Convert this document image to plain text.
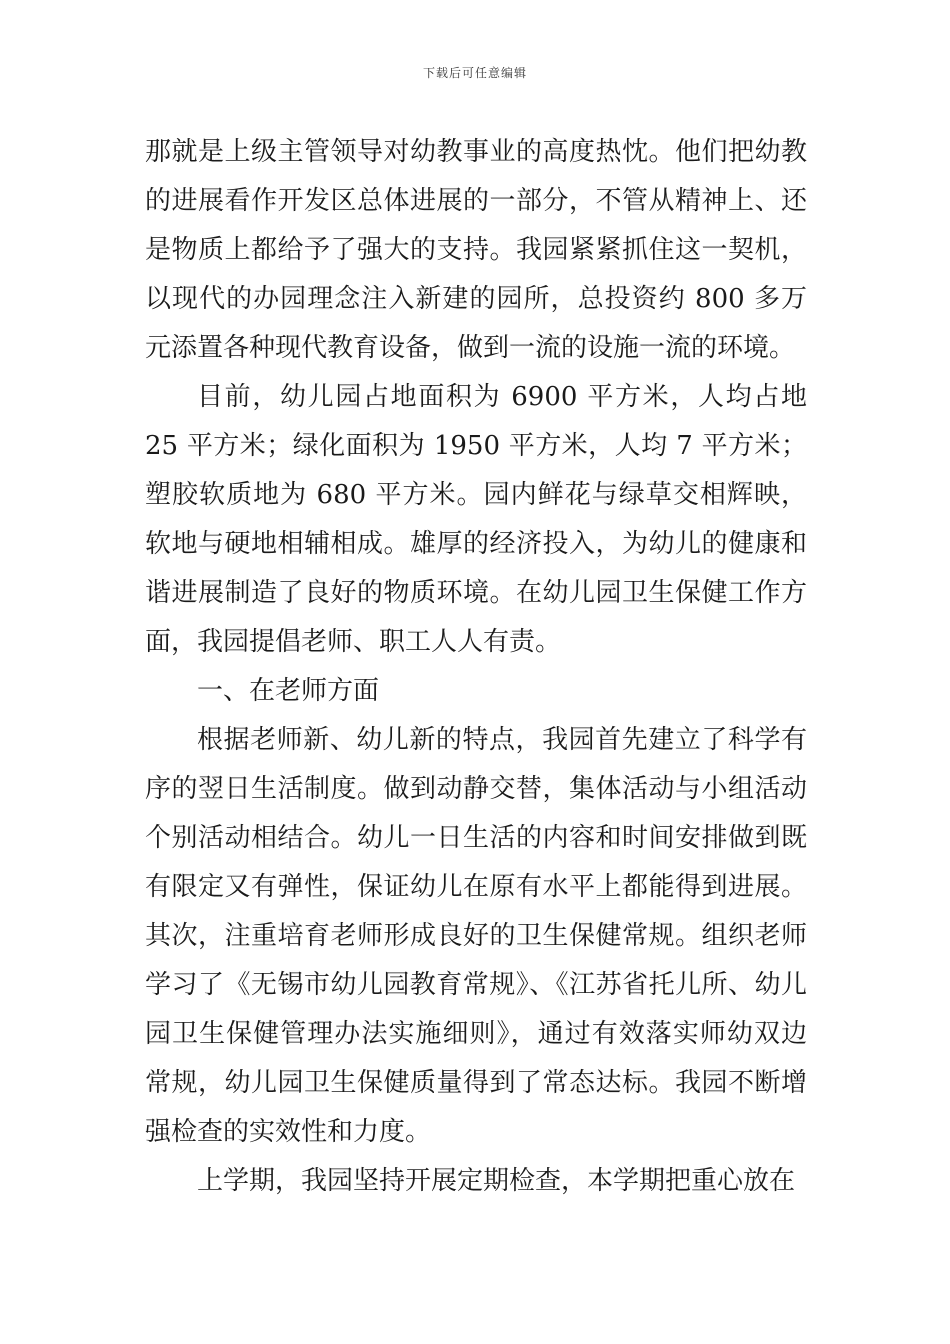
下载后可任意编辑

那就是上级主管领导对幼教事业的高度热忱。他们把幼教的进展看作开发区总体进展的一部分，不管从精神上、还是物质上都给予了强大的支持。我园紧紧抓住这一契机，以现代的办园理念注入新建的园所，总投资约 800 多万元添置各种现代教育设备，做到一流的设施一流的环境。

目前，幼儿园占地面积为 6900 平方米，人均占地 25 平方米；绿化面积为 1950 平方米，人均 7 平方米；塑胶软质地为 680 平方米。园内鲜花与绿草交相辉映，软地与硬地相辅相成。雄厚的经济投入，为幼儿的健康和谐进展制造了良好的物质环境。在幼儿园卫生保健工作方面，我园提倡老师、职工人人有责。

一、在老师方面

根据老师新、幼儿新的特点，我园首先建立了科学有序的翌日生活制度。做到动静交替，集体活动与小组活动个别活动相结合。幼儿一日生活的内容和时间安排做到既有限定又有弹性，保证幼儿在原有水平上都能得到进展。其次，注重培育老师形成良好的卫生保健常规。组织老师学习了《无锡市幼儿园教育常规》、《江苏省托儿所、幼儿园卫生保健管理办法实施细则》，通过有效落实师幼双边常规，幼儿园卫生保健质量得到了常态达标。我园不断增强检查的实效性和力度。

上学期，我园坚持开展定期检查，本学期把重心放在
